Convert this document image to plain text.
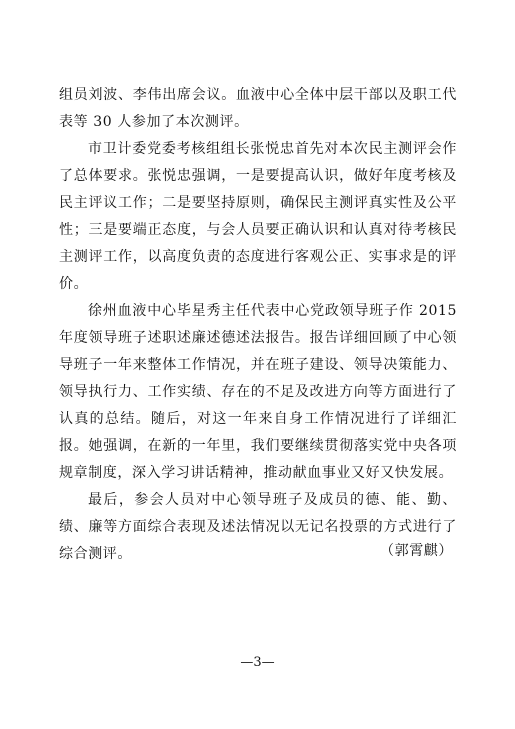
组员刘波、李伟出席会议。血液中心全体中层干部以及职工代表等 30 人参加了本次测评。

市卫计委党委考核组组长张悦忠首先对本次民主测评会作了总体要求。张悦忠强调，一是要提高认识，做好年度考核及民主评议工作；二是要坚持原则，确保民主测评真实性及公平性；三是要端正态度，与会人员要正确认识和认真对待考核民主测评工作，以高度负责的态度进行客观公正、实事求是的评价。

徐州血液中心毕星秀主任代表中心党政领导班子作 2015 年度领导班子述职述廉述德述法报告。报告详细回顾了中心领导班子一年来整体工作情况，并在班子建设、领导决策能力、领导执行力、工作实绩、存在的不足及改进方向等方面进行了认真的总结。随后，对这一年来自身工作情况进行了详细汇报。她强调，在新的一年里，我们要继续贯彻落实党中央各项规章制度，深入学习讲话精神，推动献血事业又好又快发展。

最后，参会人员对中心领导班子及成员的德、能、勤、绩、廉等方面综合表现及述法情况以无记名投票的方式进行了综合测评。	（郭霄麒）
—3—
